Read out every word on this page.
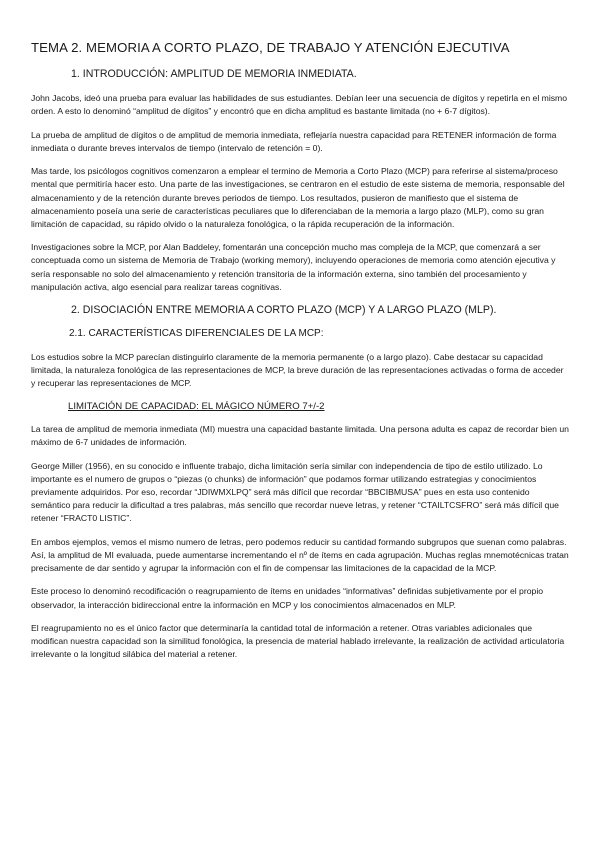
TEMA 2. MEMORIA A CORTO PLAZO, DE TRABAJO Y ATENCIÓN EJECUTIVA
1. INTRODUCCIÓN: AMPLITUD DE MEMORIA INMEDIATA.

John Jacobs, ideó una prueba para evaluar las habilidades de sus estudiantes. Debían leer una secuencia de dígitos y repetirla en el mismo orden. A esto lo denominó “amplitud de dígitos” y encontró que en dicha amplitud es bastante limitada (no + 6-7 dígitos).

La prueba de amplitud de dígitos o de amplitud de memoria inmediata, reflejaría nuestra capacidad para RETENER información de forma inmediata o durante breves intervalos de tiempo (intervalo de retención = 0).

Mas tarde, los psicólogos cognitivos comenzaron a emplear el termino de Memoria a Corto Plazo (MCP) para referirse al sistema/proceso mental que permitiría hacer esto. Una parte de las investigaciones, se centraron en el estudio de este sistema de memoria, responsable del almacenamiento y de la retención durante breves periodos de tiempo. Los resultados, pusieron de manifiesto que el sistema de almacenamiento poseía una serie de características peculiares que lo diferenciaban de la memoria a largo plazo (MLP), como su gran limitación de capacidad, su rápido olvido o la naturaleza fonológica, o la rápida recuperación de la información.

Investigaciones sobre la MCP, por Alan Baddeley, fomentarán una concepción mucho mas compleja de la MCP, que comenzará a ser conceptuada como un sistema de Memoria de Trabajo (working memory), incluyendo operaciones de memoria como atención ejecutiva y sería responsable no solo del almacenamiento y retención transitoria de la información externa, sino también del procesamiento y manipulación activa, algo esencial para realizar tareas cognitivas.

2. DISOCIACIÓN ENTRE MEMORIA A CORTO PLAZO (MCP) Y A LARGO PLAZO (MLP).
2.1. CARACTERÍSTICAS DIFERENCIALES DE LA MCP:

Los estudios sobre la MCP parecían distinguirlo claramente de la memoria permanente (o a largo plazo). Cabe destacar su capacidad limitada, la naturaleza fonológica de las representaciones de MCP, la breve duración de las representaciones activadas o forma de acceder y recuperar las representaciones de MCP.

LIMITACIÓN DE CAPACIDAD: EL MÁGICO NÚMERO 7+/-2

La tarea de amplitud de memoria inmediata (MI) muestra una capacidad bastante limitada. Una persona adulta es capaz de recordar bien un máximo de 6-7 unidades de información.

George Miller (1956), en su conocido e influente trabajo, dicha limitación sería similar con independencia de tipo de estilo utilizado. Lo importante es el numero de grupos o “piezas (o chunks) de información” que podamos formar utilizando estrategias y conocimientos previamente adquiridos. Por eso, recordar “JDIWMXLPQ” será más difícil que recordar “BBCIBMUSA” pues en esta uso contenido semántico para reducir la dificultad a tres palabras, más sencillo que recordar nueve letras, y retener “CTAILTCSFRO” será más difícil que retener “FRACT0 LISTIC”.

En ambos ejemplos, vemos el mismo numero de letras, pero podemos reducir su cantidad formando subgrupos que suenan como palabras. Así, la amplitud de MI evaluada, puede aumentarse incrementando el nº de ítems en cada agrupación. Muchas reglas mnemotécnicas tratan precisamente de dar sentido y agrupar la información con el fin de compensar las limitaciones de la capacidad de la MCP.

Este proceso lo denominó recodificación o reagrupamiento de ítems en unidades “informativas” definidas subjetivamente por el propio observador, la interacción bidireccional entre la información en MCP y los conocimientos almacenados en MLP.

El reagrupamiento no es el único factor que determinaría la cantidad total de información a retener. Otras variables adicionales que modifican nuestra capacidad son la similitud fonológica, la presencia de material hablado irrelevante, la realización de actividad articulatoria irrelevante o la longitud silábica del material a retener.
